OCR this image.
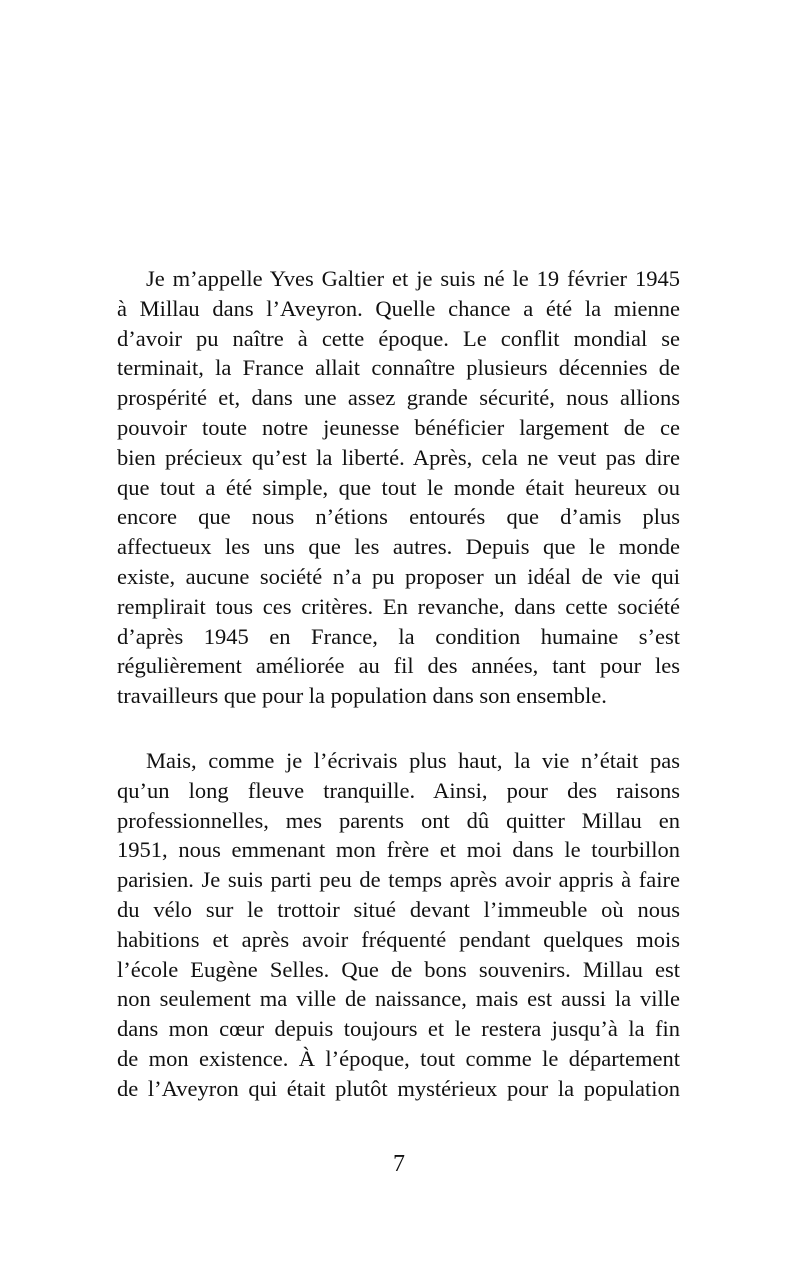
Je m’appelle Yves Galtier et je suis né le 19 février 1945
à Millau dans l’Aveyron. Quelle chance a été la mienne
d’avoir pu naître à cette époque. Le conflit mondial se
terminait, la France allait connaître plusieurs décennies de
prospérité et, dans une assez grande sécurité, nous allions
pouvoir toute notre jeunesse bénéficier largement de ce
bien précieux qu’est la liberté. Après, cela ne veut pas dire
que tout a été simple, que tout le monde était heureux ou
encore que nous n’étions entourés que d’amis plus
affectueux les uns que les autres. Depuis que le monde
existe, aucune société n’a pu proposer un idéal de vie qui
remplirait tous ces critères. En revanche, dans cette société
d’après 1945 en France, la condition humaine s’est
régulièrement améliorée au fil des années, tant pour les
travailleurs que pour la population dans son ensemble.
Mais, comme je l’écrivais plus haut, la vie n’était pas
qu’un long fleuve tranquille. Ainsi, pour des raisons
professionnelles, mes parents ont dû quitter Millau en
1951, nous emmenant mon frère et moi dans le tourbillon
parisien. Je suis parti peu de temps après avoir appris à faire
du vélo sur le trottoir situé devant l’immeuble où nous
habitions et après avoir fréquenté pendant quelques mois
l’école Eugène Selles. Que de bons souvenirs. Millau est
non seulement ma ville de naissance, mais est aussi la ville
dans mon cœur depuis toujours et le restera jusqu’à la fin
de mon existence. À l’époque, tout comme le département
de l’Aveyron qui était plutôt mystérieux pour la population
7
